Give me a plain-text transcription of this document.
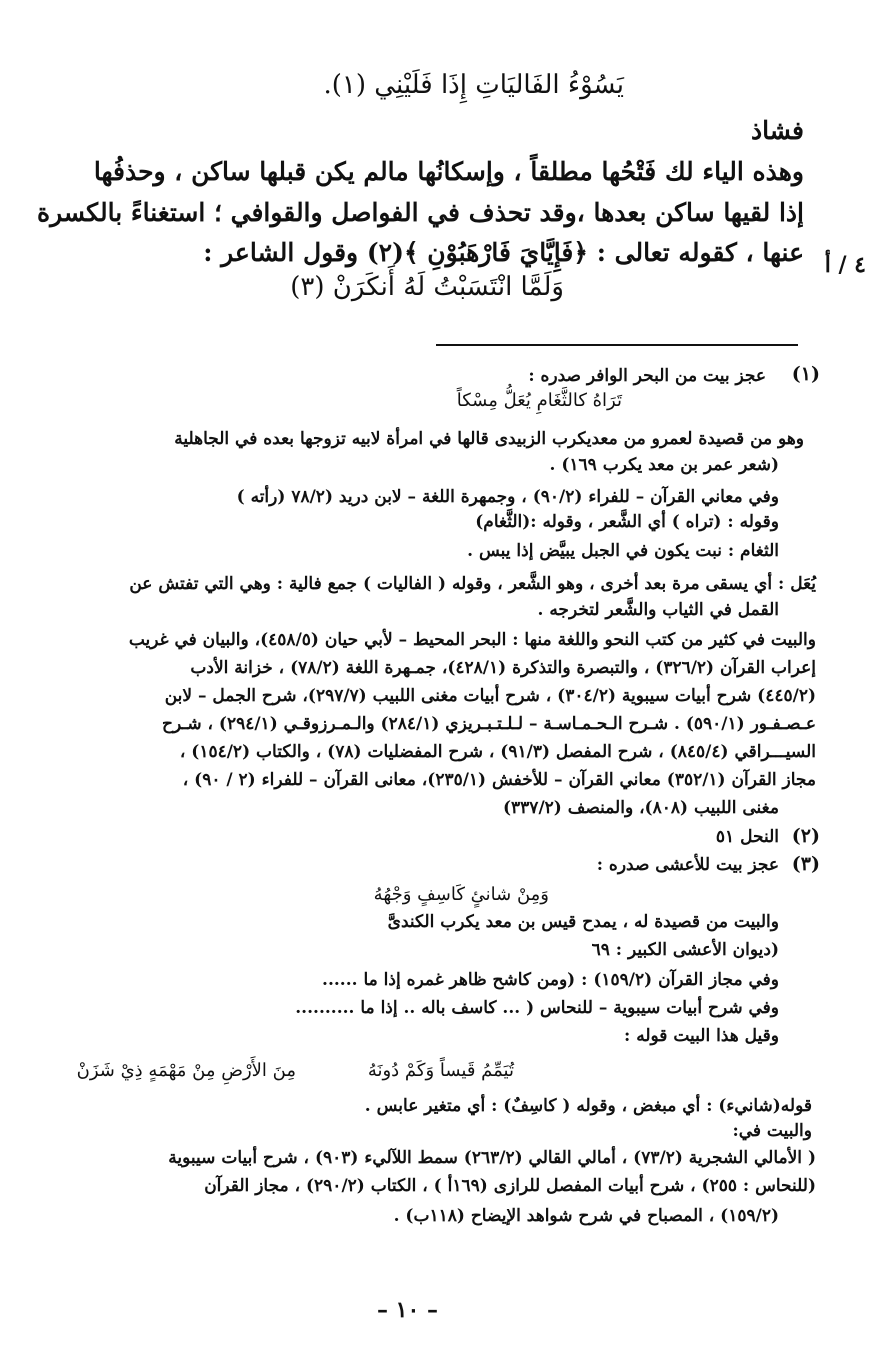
يَسُوْءُ الفَاليَاتِ إِذَا فَلَيْنِي (١).
فشاذ
وهذه الياء لك فَتْحُها مطلقاً ، وإسكانُها مالم يكن قبلها ساكن ، وحذفُها
إذا لقيها ساكن بعدها ،وقد تحذف في الفواصل والقوافي ؛ استغناءً بالكسرة
عنها ، كقوله تعالى : ﴿فَإِيَّايَ فَارْهَبُوْنِ ﴾(٢) وقول الشاعر : ٤ / أ
وَلَمَّا انْتَسَبْتُ لَهُ أَنكَرَنْ (٣)
(١)
عجز بيت من البحر الوافر صدره :
تَرَاهُ كالثَّغَامِ يُعَلُّ مِسْكاً
وهو من قصيدة لعمرو من معديكرب الزبيدى قالها في امرأة لابيه تزوجها بعده في الجاهلية
(شعر عمر بن معد يكرب ١٦٩) .
وفي معاني القرآن – للفراء (٩٠/٢) ، وجمهرة اللغة – لابن دريد (٧٨/٢ (رأته )
وقوله : (تراه ) أي الشَّعر ، وقوله :(الثَّغام)
الثغام : نبت يكون في الجبل يبيَّض إذا يبس .
يُعَل : أي يسقى مرة بعد أخرى ، وهو الشَّعر ، وقوله ( الفاليات ) جمع فالية : وهي التي تفتش عن
القمل في الثياب والشَّعر لتخرجه .
والبيت في كثير من كتب النحو واللغة منها : البحر المحيط – لأبي حيان (٤٥٨/٥)، والبيان في غريب
إعراب القرآن (٣٢٦/٢) ، والتبصرة والتذكرة (٤٢٨/١)، جمـهرة اللغة (٧٨/٢) ، خزانة الأدب
(٤٤٥/٢) شرح أبيات سيبوية (٣٠٤/٢) ، شرح أبيات مغنى اللبيب (٢٩٧/٧)، شرح الجمل – لابن
عـصـفـور (٥٩٠/١) . شـرح الـحـمـاسـة – لـلـتـبـريزي (٢٨٤/١) والـمـرزوقـي (٢٩٤/١) ، شـرح
السيـــراقي (٨٤٥/٤) ، شرح المفصل (٩١/٣) ، شرح المفضليات (٧٨) ، والكتاب (١٥٤/٢) ،
مجاز القرآن (٣٥٢/١) معاني القرآن – للأخفش (٢٣٥/١)، معانى القرآن – للفراء (٢ / ٩٠) ،
مغنى اللبيب (٨٠٨)، والمنصف (٣٣٧/٢)
(٢)
النحل ٥١
(٣)
عجز بيت للأعشى صدره :
وَمِنْ شانئٍ كَاسِفٍ وَجْهُهُ
والبيت من قصيدة له ، يمدح قيس بن معد يكرب الكندىَّ
(ديوان الأعشى الكبير : ٦٩
وفي مجاز القرآن (١٥٩/٢) : (ومن كاشح ظاهر غمره إذا ما ......
وفي شرح أبيات سيبوية – للنحاس ( ... كاسف باله .. إذا ما ..........
وقيل هذا البيت قوله :
تُيَمِّمُ قَيساً وَكَمْ دُونَهُ
مِنَ الأَرْضِ مِنْ مَهْمَهٍ ذِيْ شَزَنْ
قوله(شانيء) : أي مبغض ، وقوله ( كاسِفٌ) : أي متغير عابس .
والبيت في:
( الأمالي الشجرية (٧٣/٢) ، أمالي القالي (٢٦٣/٢) سمط اللآليء (٩٠٣) ، شرح أبيات سيبوية
(للنحاس : ٢٥٥) ، شرح أبيات المفصل للرازى (١٦٩أ ) ، الكتاب (٢٩٠/٢) ، مجاز القرآن
(١٥٩/٢) ، المصباح في شرح شواهد الإيضاح (١١٨ب) .
– ١٠ –
